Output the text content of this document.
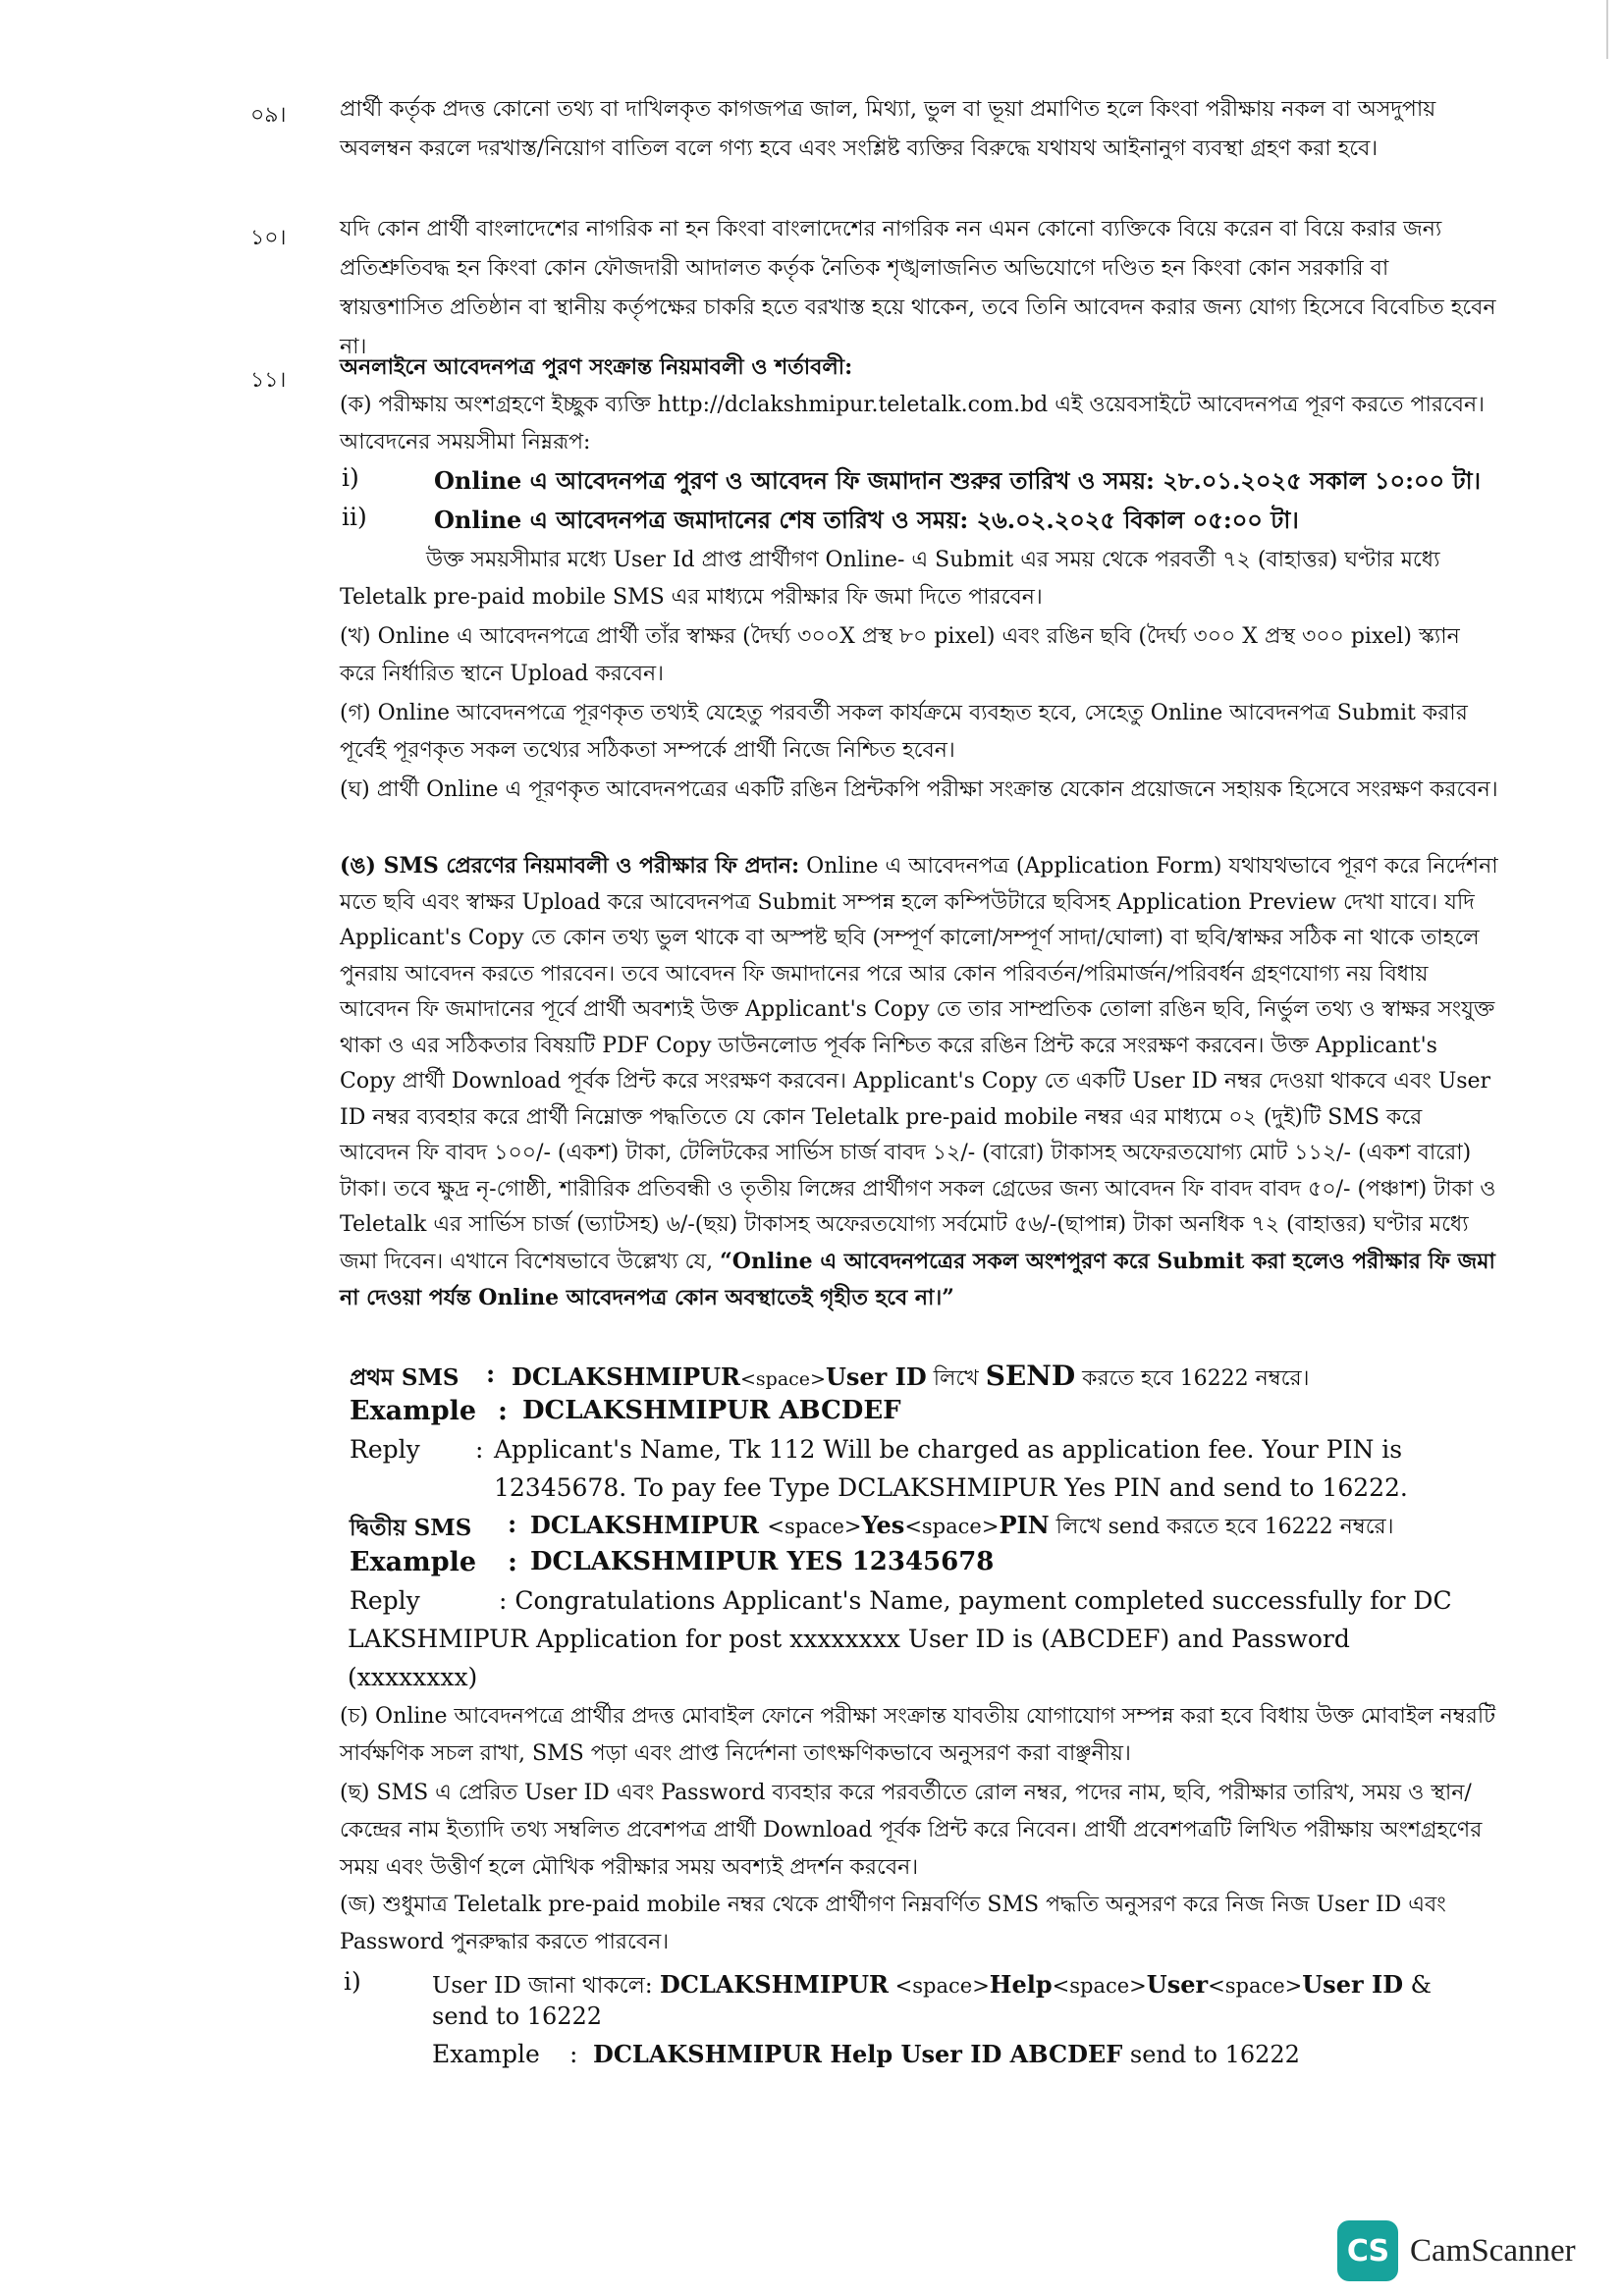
০৯। প্রার্থী কর্তৃক প্রদত্ত কোনো তথ্য বা দাখিলকৃত কাগজপত্র জাল, মিথ্যা, ভুল বা ভূয়া প্রমাণিত হলে কিংবা পরীক্ষায় নকল বা অসদুপায় অবলম্বন করলে দরখাস্ত/নিয়োগ বাতিল বলে গণ্য হবে এবং সংশ্লিষ্ট ব্যক্তির বিরুদ্ধে যথাযথ আইনানুগ ব্যবস্থা গ্রহণ করা হবে।

১০। যদি কোন প্রার্থী বাংলাদেশের নাগরিক না হন কিংবা বাংলাদেশের নাগরিক নন এমন কোনো ব্যক্তিকে বিয়ে করেন বা বিয়ে করার জন্য প্রতিশ্রুতিবদ্ধ হন কিংবা কোন ফৌজদারী আদালত কর্তৃক নৈতিক শৃঙ্খলাজনিত অভিযোগে দণ্ডিত হন কিংবা কোন সরকারি বা স্বায়ত্তশাসিত প্রতিষ্ঠান বা স্থানীয় কর্তৃপক্ষের চাকরি হতে বরখাস্ত হয়ে থাকেন, তবে তিনি আবেদন করার জন্য যোগ্য হিসেবে বিবেচিত হবেন না।

১১।
অনলাইনে আবেদনপত্র পুরণ সংক্রান্ত নিয়মাবলী ও শর্তাবলী:
(ক) পরীক্ষায় অংশগ্রহণে ইচ্ছুক ব্যক্তি http://dclakshmipur.teletalk.com.bd এই ওয়েবসাইটে আবেদনপত্র পূরণ করতে পারবেন। আবেদনের সময়সীমা নিম্নরূপ:
i)	Online এ আবেদনপত্র পুরণ ও আবেদন ফি জমাদান শুরুর তারিখ ও সময়: ২৮.০১.২০২৫ সকাল ১০:০০ টা।
ii)	Online এ আবেদনপত্র জমাদানের শেষ তারিখ ও সময়: ২৬.০২.২০২৫ বিকাল ০৫:০০ টা।
উক্ত সময়সীমার মধ্যে User Id প্রাপ্ত প্রার্থীগণ Online- এ Submit এর সময় থেকে পরবর্তী ৭২ (বাহাত্তর) ঘণ্টার মধ্যে Teletalk pre-paid mobile SMS এর মাধ্যমে পরীক্ষার ফি জমা দিতে পারবেন।
(খ) Online এ আবেদনপত্রে প্রার্থী তাঁর স্বাক্ষর (দৈর্ঘ্য ৩০০X প্রস্থ ৮০ pixel) এবং রঙিন ছবি (দৈর্ঘ্য ৩০০ X প্রস্থ ৩০০ pixel) স্ক্যান করে নির্ধারিত স্থানে Upload করবেন।
(গ) Online আবেদনপত্রে পূরণকৃত তথ্যই যেহেতু পরবর্তী সকল কার্যক্রমে ব্যবহৃত হবে, সেহেতু Online আবেদনপত্র Submit করার পূর্বেই পূরণকৃত সকল তথ্যের সঠিকতা সম্পর্কে প্রার্থী নিজে নিশ্চিত হবেন।
(ঘ) প্রার্থী Online এ পূরণকৃত আবেদনপত্রের একটি রঙিন প্রিন্টকপি পরীক্ষা সংক্রান্ত যেকোন প্রয়োজনে সহায়ক হিসেবে সংরক্ষণ করবেন।
(ঙ) SMS প্রেরণের নিয়মাবলী ও পরীক্ষার ফি প্রদান: Online এ আবেদনপত্র (Application Form) যথাযথভাবে পূরণ করে নির্দেশনা মতে ছবি এবং স্বাক্ষর Upload করে আবেদনপত্র Submit সম্পন্ন হলে কম্পিউটারে ছবিসহ Application Preview দেখা যাবে। যদি Applicant's Copy তে কোন তথ্য ভুল থাকে বা অস্পষ্ট ছবি (সম্পূর্ণ কালো/সম্পূর্ণ সাদা/ঘোলা) বা ছবি/স্বাক্ষর সঠিক না থাকে তাহলে পুনরায় আবেদন করতে পারবেন। তবে আবেদন ফি জমাদানের পরে আর কোন পরিবর্তন/পরিমার্জন/পরিবর্ধন গ্রহণযোগ্য নয় বিধায় আবেদন ফি জমাদানের পূর্বে প্রার্থী অবশ্যই উক্ত Applicant's Copy তে তার সাম্প্রতিক তোলা রঙিন ছবি, নির্ভুল তথ্য ও স্বাক্ষর সংযুক্ত থাকা ও এর সঠিকতার বিষয়টি PDF Copy ডাউনলোড পূর্বক নিশ্চিত করে রঙিন প্রিন্ট করে সংরক্ষণ করবেন। উক্ত Applicant's Copy প্রার্থী Download পূর্বক প্রিন্ট করে সংরক্ষণ করবেন। Applicant's Copy তে একটি User ID নম্বর দেওয়া থাকবে এবং User ID নম্বর ব্যবহার করে প্রার্থী নিম্নোক্ত পদ্ধতিতে যে কোন Teletalk pre-paid mobile নম্বর এর মাধ্যমে ০২ (দুই)টি SMS করে আবেদন ফি বাবদ ১০০/- (একশ) টাকা, টেলিটকের সার্ভিস চার্জ বাবদ ১২/- (বারো) টাকাসহ অফেরতযোগ্য মোট ১১২/- (একশ বারো) টাকা। তবে ক্ষুদ্র নৃ-গোষ্ঠী, শারীরিক প্রতিবন্ধী ও তৃতীয় লিঙ্গের প্রার্থীগণ সকল গ্রেডের জন্য আবেদন ফি বাবদ বাবদ ৫০/- (পঞ্চাশ) টাকা ও Teletalk এর সার্ভিস চার্জ (ভ্যাটসহ) ৬/-(ছয়) টাকাসহ অফেরতযোগ্য সর্বমোট ৫৬/-(ছাপান্ন) টাকা অনধিক ৭২ (বাহাত্তর) ঘণ্টার মধ্যে জমা দিবেন। এখানে বিশেষভাবে উল্লেখ্য যে, “Online এ আবেদনপত্রের সকল অংশপুরণ করে Submit করা হলেও পরীক্ষার ফি জমা না দেওয়া পর্যন্ত Online আবেদনপত্র কোন অবস্থাতেই গৃহীত হবে না।”
প্রথম SMS : DCLAKSHMIPUR<space>User ID লিখে SEND করতে হবে 16222 নম্বরে।
Example : DCLAKSHMIPUR ABCDEF
Reply : Applicant's Name, Tk 112 Will be charged as application fee. Your PIN is
12345678. To pay fee Type DCLAKSHMIPUR Yes PIN and send to 16222.
দ্বিতীয় SMS : DCLAKSHMIPUR <space>Yes<space>PIN লিখে send করতে হবে 16222 নম্বরে।
Example : DCLAKSHMIPUR YES 12345678
Reply	: Congratulations Applicant's Name, payment completed successfully for DC
LAKSHMIPUR Application for post xxxxxxxx User ID is (ABCDEF) and Password
(xxxxxxxx)
(চ) Online আবেদনপত্রে প্রার্থীর প্রদত্ত মোবাইল ফোনে পরীক্ষা সংক্রান্ত যাবতীয় যোগাযোগ সম্পন্ন করা হবে বিধায় উক্ত মোবাইল নম্বরটি সার্বক্ষণিক সচল রাখা, SMS পড়া এবং প্রাপ্ত নির্দেশনা তাৎক্ষণিকভাবে অনুসরণ করা বাঞ্ছনীয়।
(ছ) SMS এ প্রেরিত User ID এবং Password ব্যবহার করে পরবর্তীতে রোল নম্বর, পদের নাম, ছবি, পরীক্ষার তারিখ, সময় ও স্থান/কেন্দ্রের নাম ইত্যাদি তথ্য সম্বলিত প্রবেশপত্র প্রার্থী Download পূর্বক প্রিন্ট করে নিবেন। প্রার্থী প্রবেশপত্রটি লিখিত পরীক্ষায় অংশগ্রহণের সময় এবং উত্তীর্ণ হলে মৌখিক পরীক্ষার সময় অবশ্যই প্রদর্শন করবেন।
(জ) শুধুমাত্র Teletalk pre-paid mobile নম্বর থেকে প্রার্থীগণ নিম্নবর্ণিত SMS পদ্ধতি অনুসরণ করে নিজ নিজ User ID এবং Password পুনরুদ্ধার করতে পারবেন।
i)	User ID জানা থাকলে: DCLAKSHMIPUR <space>Help<space>User<space>User ID &
send to 16222
Example : DCLAKSHMIPUR Help User ID ABCDEF send to 16222
CS CamScanner
